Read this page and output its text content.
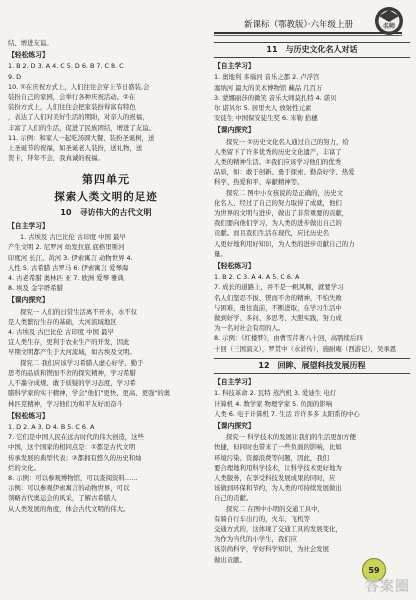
新课标（鄂教版）·六年级上册	名师

结、增进友谊。

【 轻松练习 】

1. B 2. D 3. A 4. C 5. D 6. B 7. C 8. C

9. D

10. ①在庆祝方式上，人们往往会穿上节日盛装,会

装扮自己的家园，会举行各种庆祝活动。②在

装扮方式上，人们往往会把家装扮得富有特色

，表达了人们对美好生活的期盼，对亲人的祝福，

丰富了人们的生活，促进了民族团结，增进了友谊。

11. 示例：和家人一起吃汤圆大餐，装扮圣诞树，送

上圣诞节的祝福，如圣诞老人装扮，送礼物，送

贺卡，拜年不会，我真诚的祝福。

第四单元
探索人类文明的足迹
10 寻访伟大的古代文明
【 自主学习 】

1. 古埃及 古巴比伦 古印度 中国 最早

产生文明 2. 尼罗河 幼发拉底 底格里斯河

印度河 长江、黄河 3. 伊索寓言 动物世界 4.

人性 5. 古希腊 古罗马 6. 伊索寓言 爱琴海

4. 古老希腊 奥林匹 亚 7. 欧洲 爱琴 雅典

8. 埃及 金字塔希腊

【 课内探究 】

探究一 人们的日常生活离不开水，水不仅

是人类繁衍生存的基础，大河流域地区

4. 古埃及 古巴比伦 古印度 中国 最早

宜人类生存，更利于农业生产的开发，因此

早期文明都产生于大河流域，如古埃及文明。

探究二 我们应该学习希腊人虚心好学、勤于

思考的品质和锲而不舍的探究精神，学习希腊

人不墨守成规、敢于质疑的学习态度，学习希

腊科学家的实干精神，学会"他们"更快、更高、更强"的奥

林匹克精神，学习他们为和平友好而奋斗

【 轻松练习 】

1. D 2. A 3. D 4. B 5. C 6. A

7. 它们是中国人民在远古时代的伟大创造，这些

中国，这个国家的相同点是：①都是古代文明

传承发展的典型代表；②都拥有悠久的历史和灿

烂的文化。

8. 示例：可以参观博物馆，可以查阅资料……

示例：可以参观伊索寓言的动物世界，可以

领略古代奥运会的风采，了解古希腊人

从人类发展的角度，体会古代文明的伟大。

11 与历史文化名人对话
【 自主学习 】

1. 奥地利 多瑙河 音乐之都 2. 卢浮宫

塞纳河 最大的美术博物馆 藏品 几百万

3. 蒙娜丽莎的微笑 音乐大师莫扎特 4. 诺贝

尔 诺贝尔 5. 居里夫人 放射性元素

安徒生 中国保安徒生奖 6. 米勒 拾穗

【 课内探究 】

探究一 ①历史文化名人通过自己的努力，给

人类留下了许多优秀的历史文化遗产，丰富了

人类的精神生活。②我们应该学习他们的优秀

品质，如：敢于创新、勇于探索、勤奋好学、热爱

科学、热爱和平、奉献精神等。

探究二 图中小女孩说的是正确的，历史文

化名人、经过了自己的努力取得了成就，他们

为世界的文明与进步，做出了非常重要的贡献，

我们要向他们学习，为人类的进步做出自己的

贡献。而且我们生活在现代，应比历史名

人更好地利用好知识，为人类的进步贡献自己的力

量。

【 轻松练习 】

1. B 2. C 3. A 4. A 5. C 6. A

7. 成长的道路上，并不是一帆风顺，就要学习

名人们坚忍不拔、锲而不舍的精神，不怕失败

与困难，勇往直前，不断进取，在学习生活中

做到好学、多问、多思考、大胆实践，努力成

为一名对社会有用的人。

8. 示例：《红楼梦》，由曹雪芹著八十回，高鹗续后四

十回（三国演义），罗贯中（水浒传），施耐庵（西游记），吴承恩

12 回眸、展望科技发展历程
【 自主学习 】

1. 科技革命 2. 瓦特 蒸汽机 3. 爱迪生 电灯

计算机 4. 数学家 物理学家 5. 负面的影响

人类 6. 电子计算机 7. 生活 许许多多 太阳系的中心

【 课内探究 】

探究一 科学技术的发展让我们的生活更加方便

快捷，但同时也带来了一些负面的影响，比如

环境污染、资源浪费等问题，因此，我们

要合理地利用科学技术，让科学技术更好地为

人类服务，在享受科技发展成果的同时，应

该做到环保和节约，为人类的可持续发展做出

自己的贡献。

探究二 在图中小明的交通工具中，

有骑自行车出行的，火车、飞机等

交通方式的，这体现了交通工具的发展变化，

为作为当代的小学生，我们应

该崇尚科学，学好科学知识，为社会发展

做出贡献。

59
答案圈
